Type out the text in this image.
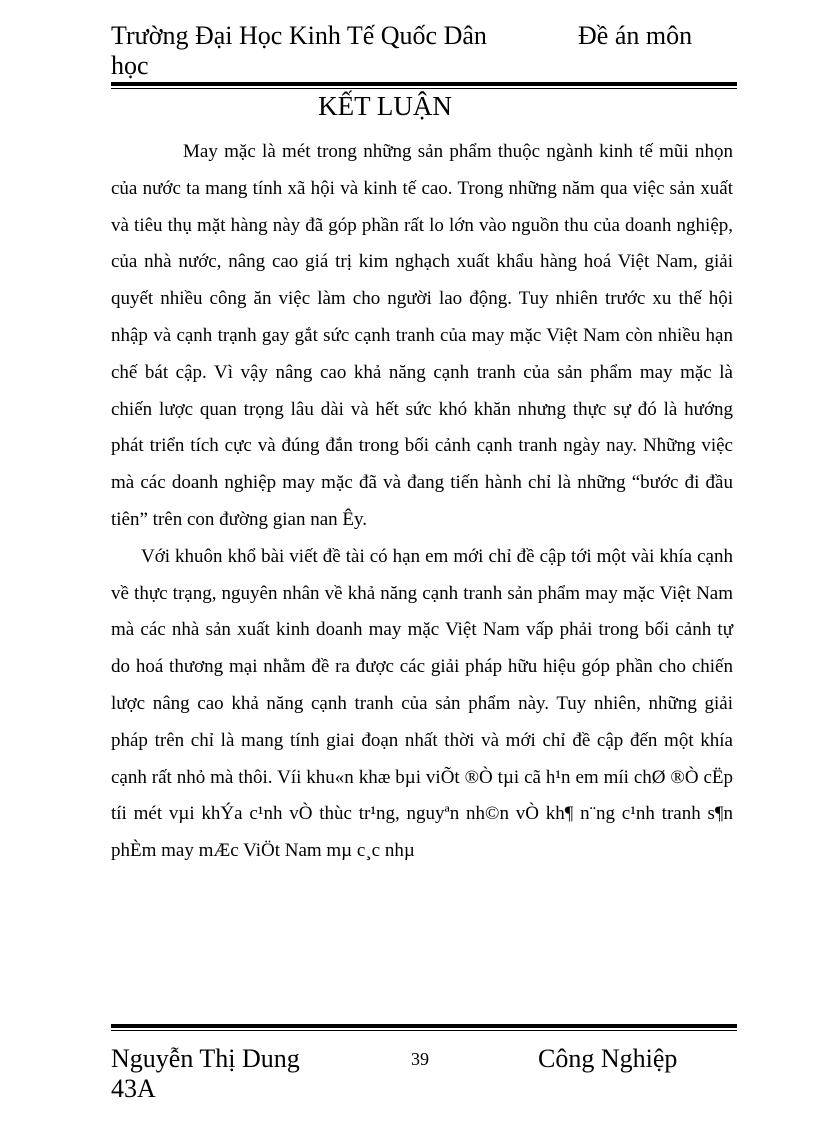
Trường Đại Học Kinh Tế Quốc Dân	Đề án môn
học
KẾT LUẬN

May mặc là mét trong những sản phẩm thuộc ngành kinh tế mũi nhọn của nước ta mang tính xã hội và kinh tế cao. Trong những năm qua việc sản xuất và tiêu thụ mặt hàng này đã góp phần rất lo lớn vào nguồn thu của doanh nghiệp, của nhà nước, nâng cao giá trị kim nghạch xuất khẩu hàng hoá Việt Nam, giải quyết nhiều công ăn việc làm cho người lao động. Tuy nhiên trước xu thế hội nhập và cạnh trạnh gay gắt sức cạnh tranh của may mặc Việt Nam còn nhiều hạn chế bát cập. Vì vậy nâng cao khả năng cạnh tranh của sản phẩm may mặc là chiến lược quan trọng lâu dài và hết sức khó khăn nhưng thực sự đó là hướng phát triển tích cực và đúng đắn trong bối cảnh cạnh tranh ngày nay. Những việc mà các doanh nghiệp may mặc đã và đang tiến hành chỉ là những “bước đi đầu tiên” trên con đường gian nan Êy.

Với khuôn khổ bài viết đề tài có hạn em mới chỉ đề cập tới một vài khía cạnh về thực trạng, nguyên nhân về khả năng cạnh tranh sản phẩm may mặc Việt Nam mà các nhà sản xuất kinh doanh may mặc Việt Nam vấp phải trong bối cảnh tự do hoá thương mại nhằm đề ra được các giải pháp hữu hiệu góp phần cho chiến lược nâng cao khả năng cạnh tranh của sản phẩm này. Tuy nhiên, những giải pháp trên chỉ là mang tính giai đoạn nhất thời và mới chỉ đề cập đến một khía cạnh rất nhỏ mà thôi. Víi khu«n khæ bµi viÕt ®Ò tµi cã h¹n em míi chØ ®Ò cËp tíi mét vµi khÝa c¹nh vÒ thùc tr¹ng, nguyªn nh©n vÒ kh¶ n¨ng c¹nh tranh s¶n phÈm may mÆc ViÖt Nam mµ c¸c nhµ

Nguyễn Thị Dung
43A
39	Công Nghiệp
